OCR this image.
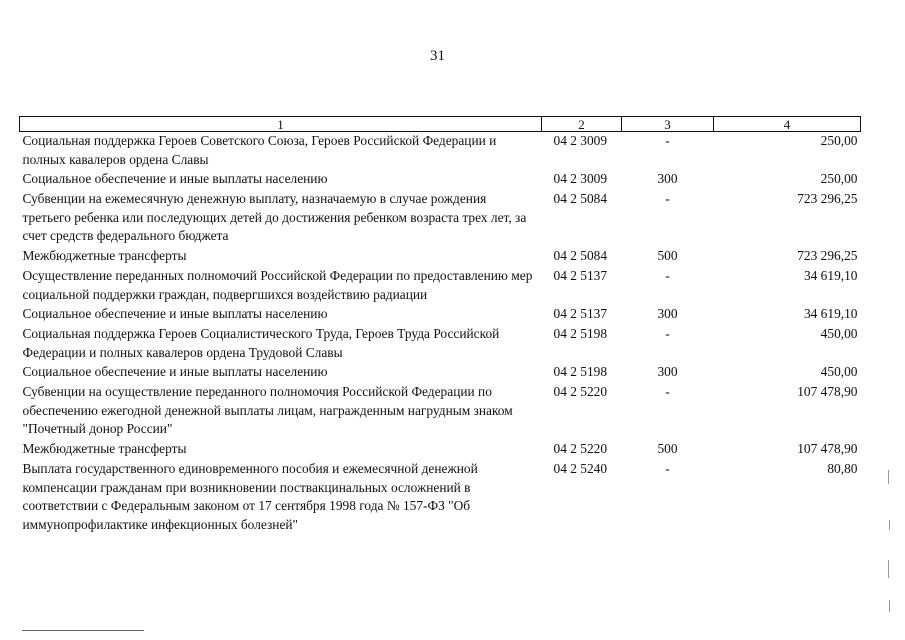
31
1	2	3	4
Социальная поддержка Героев Советского Союза, Героев Российской Федерации и полных кавалеров ордена Славы	04 2 3009	-	250,00
Социальное обеспечение и иные выплаты населению	04 2 3009	300	250,00
Субвенции на ежемесячную денежную выплату, назначаемую в случае рождения третьего ребенка или последующих детей до достижения ребенком возраста трех лет, за счет средств федерального бюджета	04 2 5084	-	723 296,25
Межбюджетные трансферты	04 2 5084	500	723 296,25
Осуществление переданных полномочий Российской Федерации по предоставлению мер социальной поддержки граждан, подвергшихся воздействию радиации	04 2 5137	-	34 619,10
Социальное обеспечение и иные выплаты населению	04 2 5137	300	34 619,10
Социальная поддержка Героев Социалистического Труда, Героев Труда Российской Федерации и полных кавалеров ордена Трудовой Славы	04 2 5198	-	450,00
Социальное обеспечение и иные выплаты населению	04 2 5198	300	450,00
Субвенции на осуществление переданного полномочия Российской Федерации по обеспечению ежегодной денежной выплаты лицам, награжденным нагрудным знаком "Почетный донор России"	04 2 5220	-	107 478,90
Межбюджетные трансферты	04 2 5220	500	107 478,90
Выплата государственного единовременного пособия и ежемесячной денежной компенсации гражданам при возникновении поствакцинальных осложнений в соответствии с Федеральным законом от 17 сентября 1998 года № 157-ФЗ "Об иммунопрофилактике инфекционных болезней"	04 2 5240	-	80,80
